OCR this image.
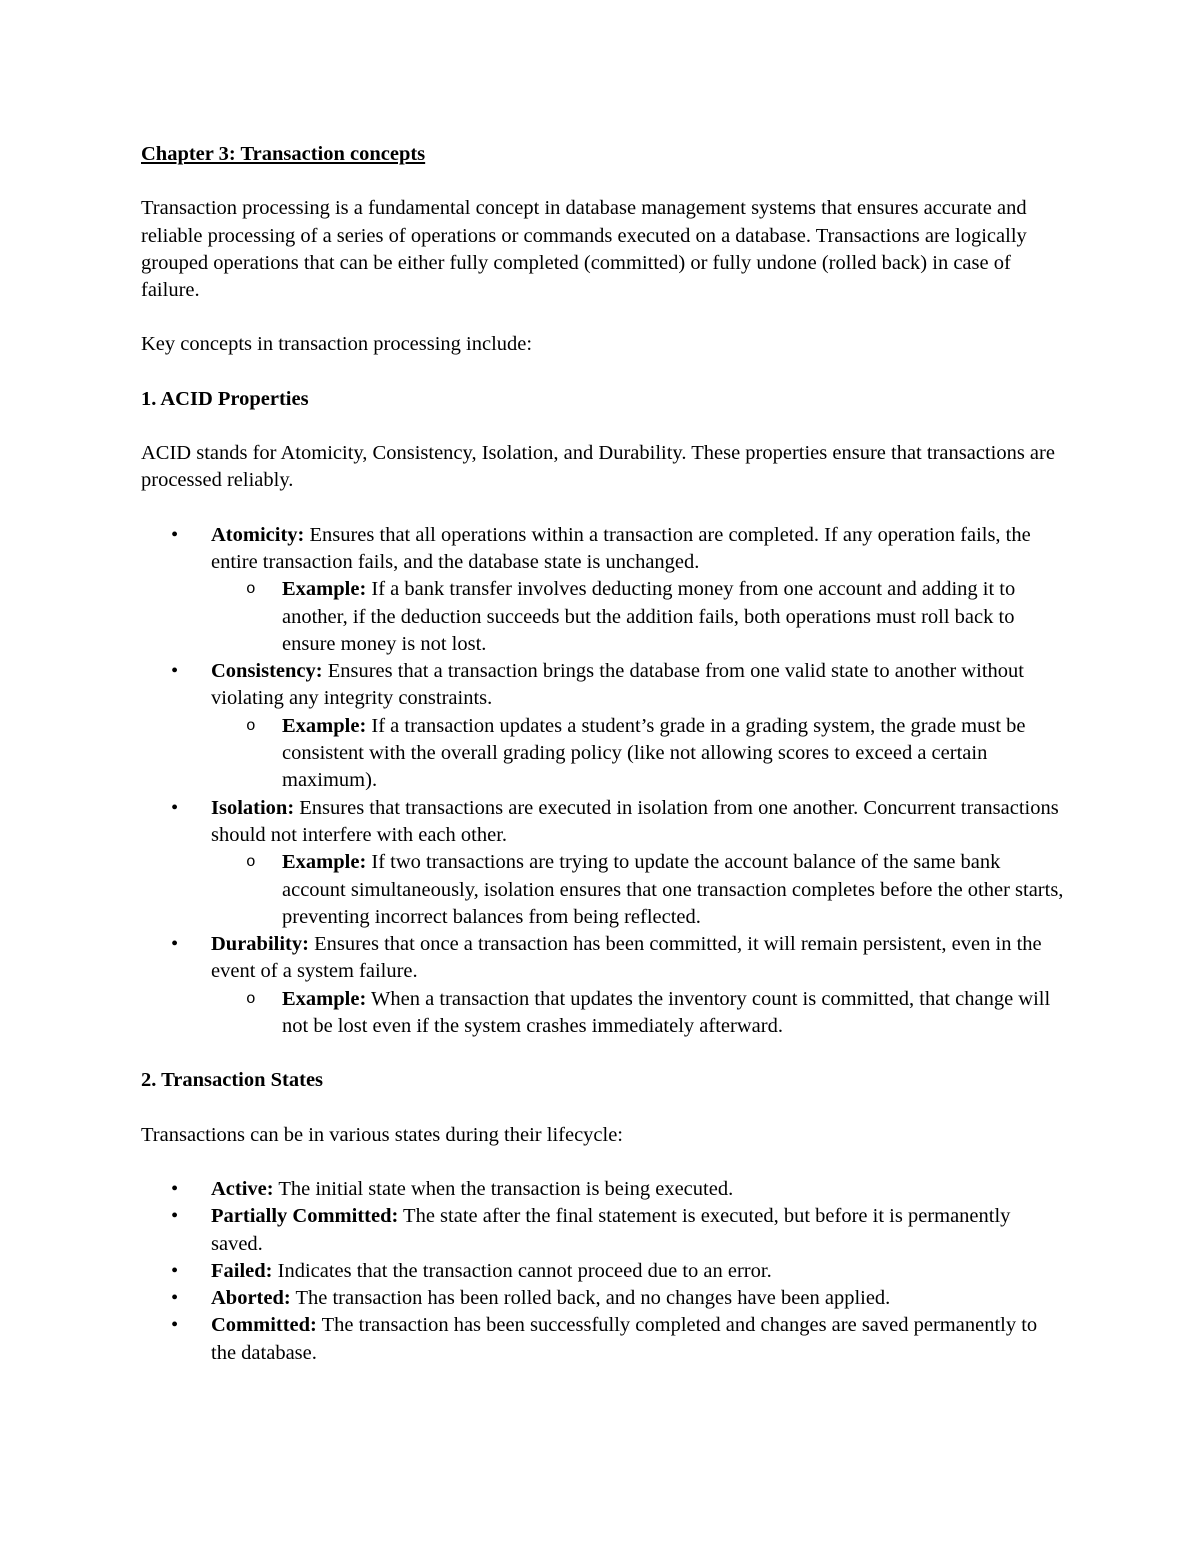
Chapter 3: Transaction concepts

Transaction processing is a fundamental concept in database management systems that ensures accurate and reliable processing of a series of operations or commands executed on a database. Transactions are logically grouped operations that can be either fully completed (committed) or fully undone (rolled back) in case of failure.

Key concepts in transaction processing include:

1. ACID Properties

ACID stands for Atomicity, Consistency, Isolation, and Durability. These properties ensure that transactions are processed reliably.

• Atomicity: Ensures that all operations within a transaction are completed. If any operation fails, the entire transaction fails, and the database state is unchanged.
o Example: If a bank transfer involves deducting money from one account and adding it to another, if the deduction succeeds but the addition fails, both operations must roll back to ensure money is not lost.
• Consistency: Ensures that a transaction brings the database from one valid state to another without violating any integrity constraints.
o Example: If a transaction updates a student’s grade in a grading system, the grade must be consistent with the overall grading policy (like not allowing scores to exceed a certain maximum).
• Isolation: Ensures that transactions are executed in isolation from one another. Concurrent transactions should not interfere with each other.
o Example: If two transactions are trying to update the account balance of the same bank account simultaneously, isolation ensures that one transaction completes before the other starts, preventing incorrect balances from being reflected.
• Durability: Ensures that once a transaction has been committed, it will remain persistent, even in the event of a system failure.
o Example: When a transaction that updates the inventory count is committed, that change will not be lost even if the system crashes immediately afterward.

2. Transaction States

Transactions can be in various states during their lifecycle:

• Active: The initial state when the transaction is being executed.
• Partially Committed: The state after the final statement is executed, but before it is permanently saved.
• Failed: Indicates that the transaction cannot proceed due to an error.
• Aborted: The transaction has been rolled back, and no changes have been applied.
• Committed: The transaction has been successfully completed and changes are saved permanently to the database.
